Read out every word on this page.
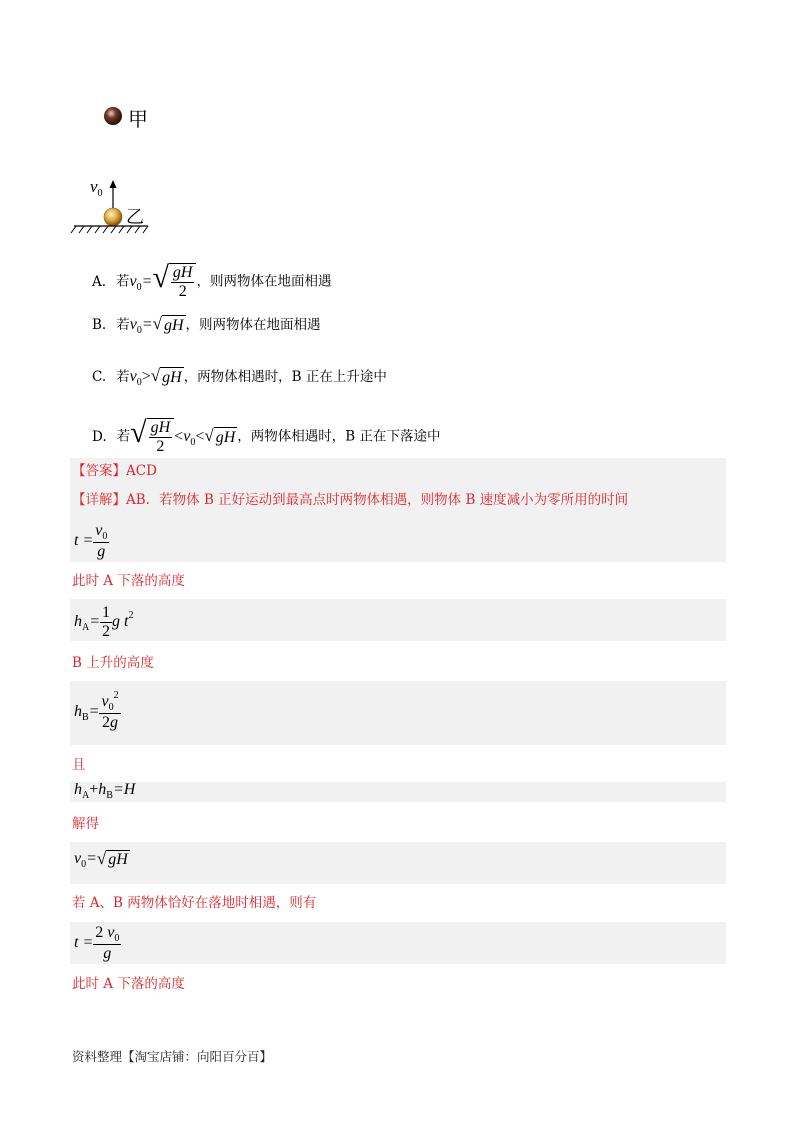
甲
乙
$v_0$
A. 若$v_0=$ √ $\frac{gH}{2}$ ，则两物体在地面相遇
B. 若$v_0=$ √ gH ，则两物体在地面相遇
C. 若$v_0>$ √ gH ，两物体相遇时，B 正在上升途中
D. 若 √ $\frac{gH}{2} <v_0<$ √ gH ，两物体相遇时，B 正在下落途中
【答案】ACD
【详解】AB．若物体 B 正好运动到最高点时两物体相遇，则物体 B 速度减小为零所用的时间
$t = \frac{v_0}{g}$
此时 A 下落的高度
$h_A= \frac{1}{2}$ g $t^2$
B 上升的高度
$h_B= \frac{v_0^2}{2g}$
且
$h_A+h_B=H$
解得
$v_0=$ √ gH
若 A、B 两物体恰好在落地时相遇，则有
$t = \frac{2 v_0}{g}$
此时 A 下落的高度
资料整理【淘宝店铺：向阳百分百】
